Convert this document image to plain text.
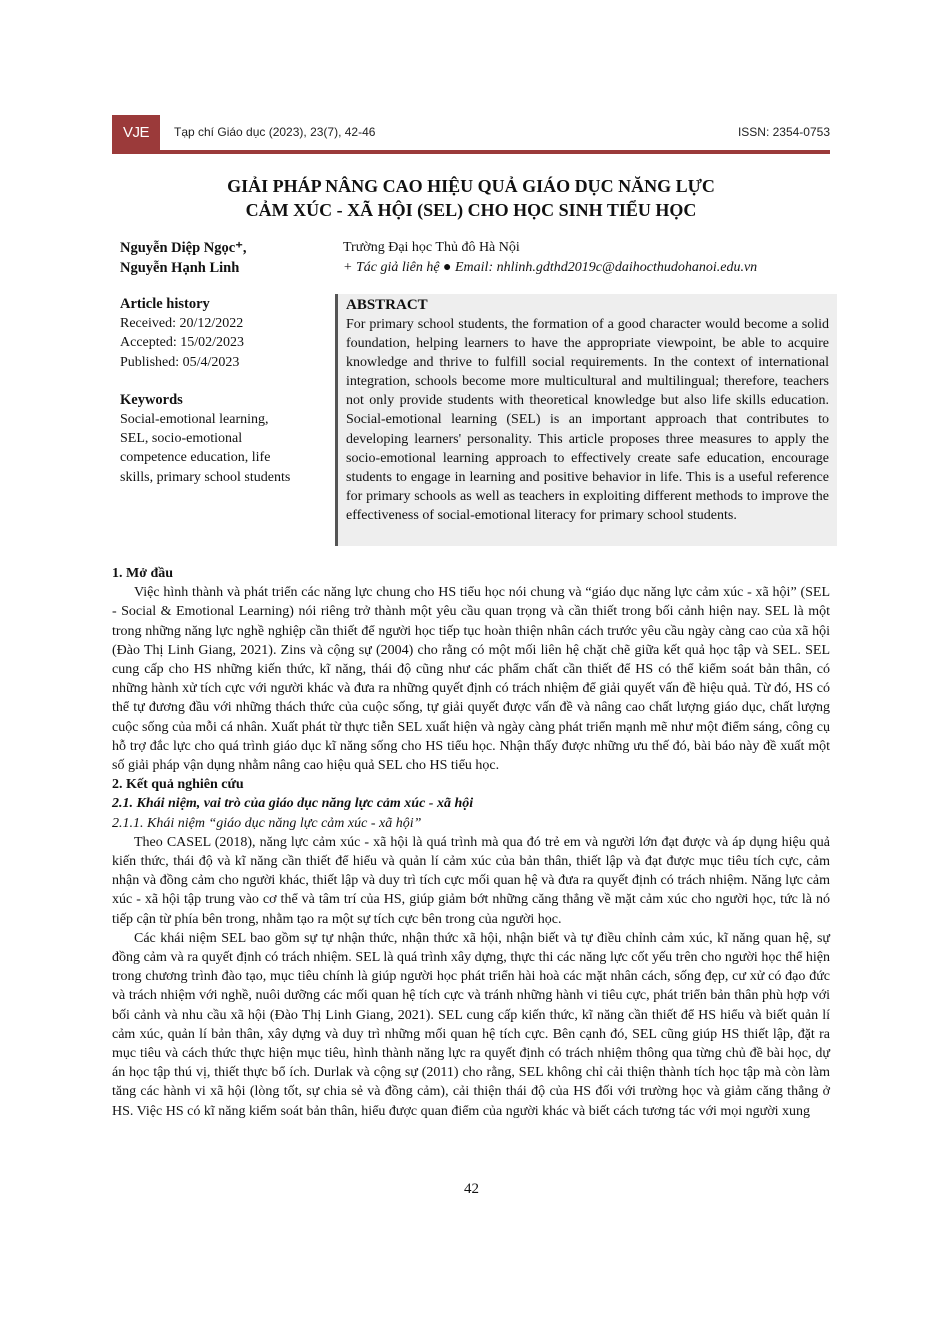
VJE	Tạp chí Giáo dục (2023), 23(7), 42-46	ISSN: 2354-0753
GIẢI PHÁP NÂNG CAO HIỆU QUẢ GIÁO DỤC NĂNG LỰC
CẢM XÚC - XÃ HỘI (SEL) CHO HỌC SINH TIỂU HỌC
Nguyễn Diệp Ngọc⁺,
Nguyễn Hạnh Linh
Trường Đại học Thủ đô Hà Nội
+ Tác giả liên hệ ● Email: nhlinh.gdthd2019c@daihocthudohanoi.edu.vn
Article history
Received: 20/12/2022
Accepted: 15/02/2023
Published: 05/4/2023
Keywords
Social-emotional learning, SEL, socio-emotional competence education, life skills, primary school students
ABSTRACT
For primary school students, the formation of a good character would become a solid foundation, helping learners to have the appropriate viewpoint, be able to acquire knowledge and thrive to fulfill social requirements. In the context of international integration, schools become more multicultural and multilingual; therefore, teachers not only provide students with theoretical knowledge but also life skills education. Social-emotional learning (SEL) is an important approach that contributes to developing learners' personality. This article proposes three measures to apply the socio-emotional learning approach to effectively create safe education, encourage students to engage in learning and positive behavior in life. This is a useful reference for primary schools as well as teachers in exploiting different methods to improve the effectiveness of social-emotional literacy for primary school students.

1. Mở đầu

Việc hình thành và phát triển các năng lực chung cho HS tiểu học nói chung và “giáo dục năng lực cảm xúc - xã hội” (SEL - Social & Emotional Learning) nói riêng trở thành một yêu cầu quan trọng và cần thiết trong bối cảnh hiện nay. SEL là một trong những năng lực nghề nghiệp cần thiết để người học tiếp tục hoàn thiện nhân cách trước yêu cầu ngày càng cao của xã hội (Đào Thị Linh Giang, 2021). Zins và cộng sự (2004) cho rằng có một mối liên hệ chặt chẽ giữa kết quả học tập và SEL. SEL cung cấp cho HS những kiến thức, kĩ năng, thái độ cũng như các phẩm chất cần thiết để HS có thể kiểm soát bản thân, có những hành xử tích cực với người khác và đưa ra những quyết định có trách nhiệm để giải quyết vấn đề hiệu quả. Từ đó, HS có thể tự đương đầu với những thách thức của cuộc sống, tự giải quyết được vấn đề và nâng cao chất lượng giáo dục, chất lượng cuộc sống của mỗi cá nhân. Xuất phát từ thực tiễn SEL xuất hiện và ngày càng phát triển mạnh mẽ như một điểm sáng, công cụ hỗ trợ đắc lực cho quá trình giáo dục kĩ năng sống cho HS tiểu học. Nhận thấy được những ưu thế đó, bài báo này đề xuất một số giải pháp vận dụng nhằm nâng cao hiệu quả SEL cho HS tiểu học.

2. Kết quả nghiên cứu

2.1. Khái niệm, vai trò của giáo dục năng lực cảm xúc - xã hội

2.1.1. Khái niệm “giáo dục năng lực cảm xúc - xã hội”

Theo CASEL (2018), năng lực cảm xúc - xã hội là quá trình mà qua đó trẻ em và người lớn đạt được và áp dụng hiệu quả kiến thức, thái độ và kĩ năng cần thiết để hiểu và quản lí cảm xúc của bản thân, thiết lập và đạt được mục tiêu tích cực, cảm nhận và đồng cảm cho người khác, thiết lập và duy trì tích cực mối quan hệ và đưa ra quyết định có trách nhiệm. Năng lực cảm xúc - xã hội tập trung vào cơ thể và tâm trí của HS, giúp giảm bớt những căng thẳng về mặt cảm xúc cho người học, tức là nó tiếp cận từ phía bên trong, nhằm tạo ra một sự tích cực bên trong của người học.

Các khái niệm SEL bao gồm sự tự nhận thức, nhận thức xã hội, nhận biết và tự điều chỉnh cảm xúc, kĩ năng quan hệ, sự đồng cảm và ra quyết định có trách nhiệm. SEL là quá trình xây dựng, thực thi các năng lực cốt yếu trên cho người học thể hiện trong chương trình đào tạo, mục tiêu chính là giúp người học phát triển hài hoà các mặt nhân cách, sống đẹp, cư xử có đạo đức và trách nhiệm với nghề, nuôi dưỡng các mối quan hệ tích cực và tránh những hành vi tiêu cực, phát triển bản thân phù hợp với bối cảnh và nhu cầu xã hội (Đào Thị Linh Giang, 2021). SEL cung cấp kiến thức, kĩ năng cần thiết để HS hiểu và biết quản lí cảm xúc, quản lí bản thân, xây dựng và duy trì những mối quan hệ tích cực. Bên cạnh đó, SEL cũng giúp HS thiết lập, đặt ra mục tiêu và cách thức thực hiện mục tiêu, hình thành năng lực ra quyết định có trách nhiệm thông qua từng chủ đề bài học, dự án học tập thú vị, thiết thực bổ ích. Durlak và cộng sự (2011) cho rằng, SEL không chỉ cải thiện thành tích học tập mà còn làm tăng các hành vi xã hội (lòng tốt, sự chia sẻ và đồng cảm), cải thiện thái độ của HS đối với trường học và giảm căng thẳng ở HS. Việc HS có kĩ năng kiểm soát bản thân, hiểu được quan điểm của người khác và biết cách tương tác với mọi người xung

42
